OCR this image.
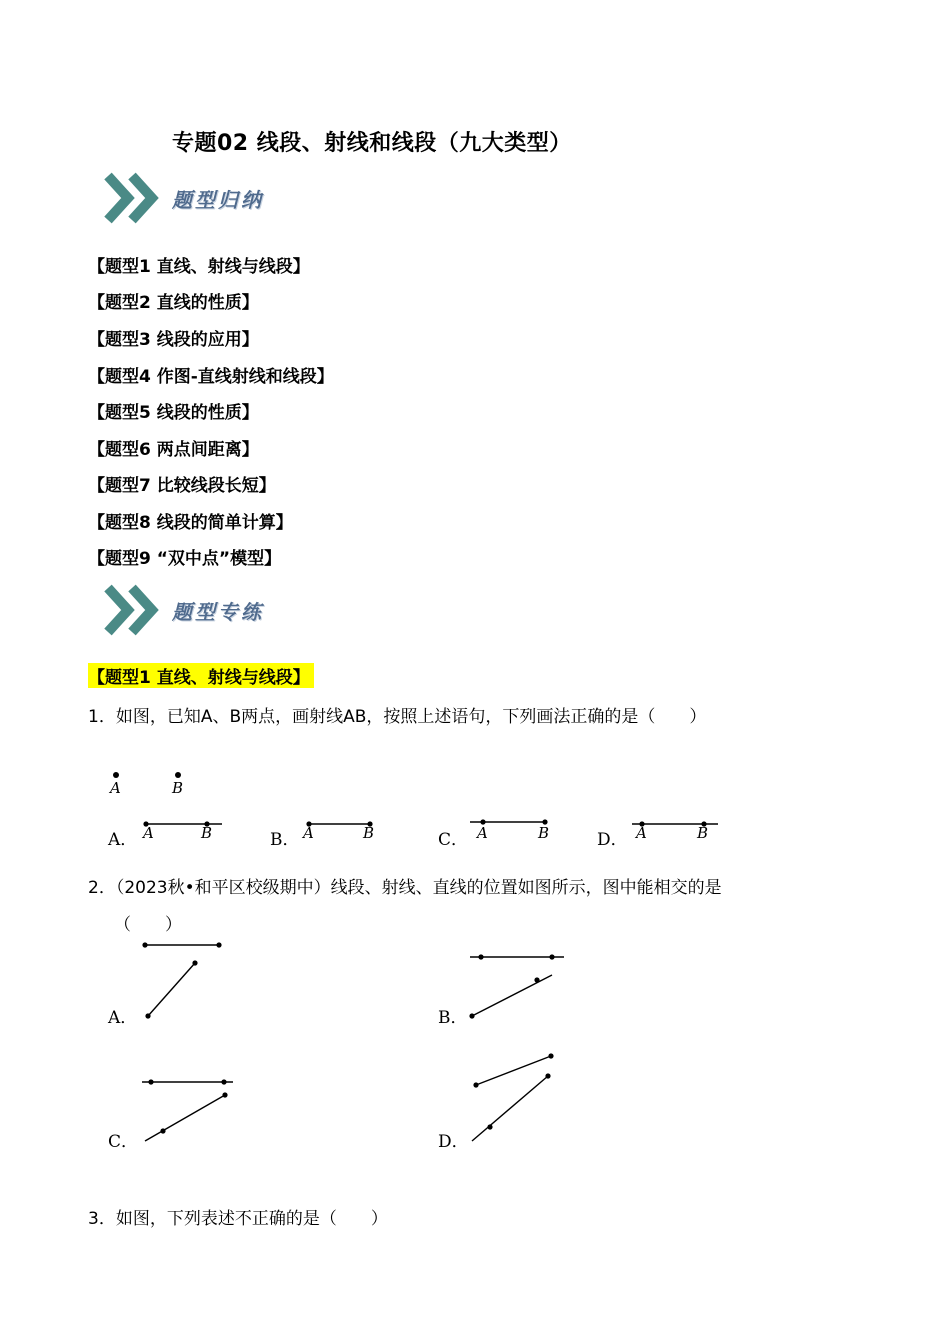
专题02 线段、射线和线段（九大类型）
题型归纳
【题型1 直线、射线与线段】
【题型2 直线的性质】
【题型3 线段的应用】
【题型4 作图-直线射线和线段】
【题型5 线段的性质】
【题型6 两点间距离】
【题型7 比较线段长短】
【题型8 线段的简单计算】
【题型9 “双中点”模型】
题型专练
【题型1 直线、射线与线段】
1．如图，已知A、B两点，画射线AB，按照上述语句，下列画法正确的是（　　）
A	B
A． A	B	B． A	B	C． A	B	D． A	B
2．（2023秋•和平区校级期中）线段、射线、直线的位置如图所示，图中能相交的是
（　　）
A．	B．
C．	D．
3．如图，下列表述不正确的是（　　）
